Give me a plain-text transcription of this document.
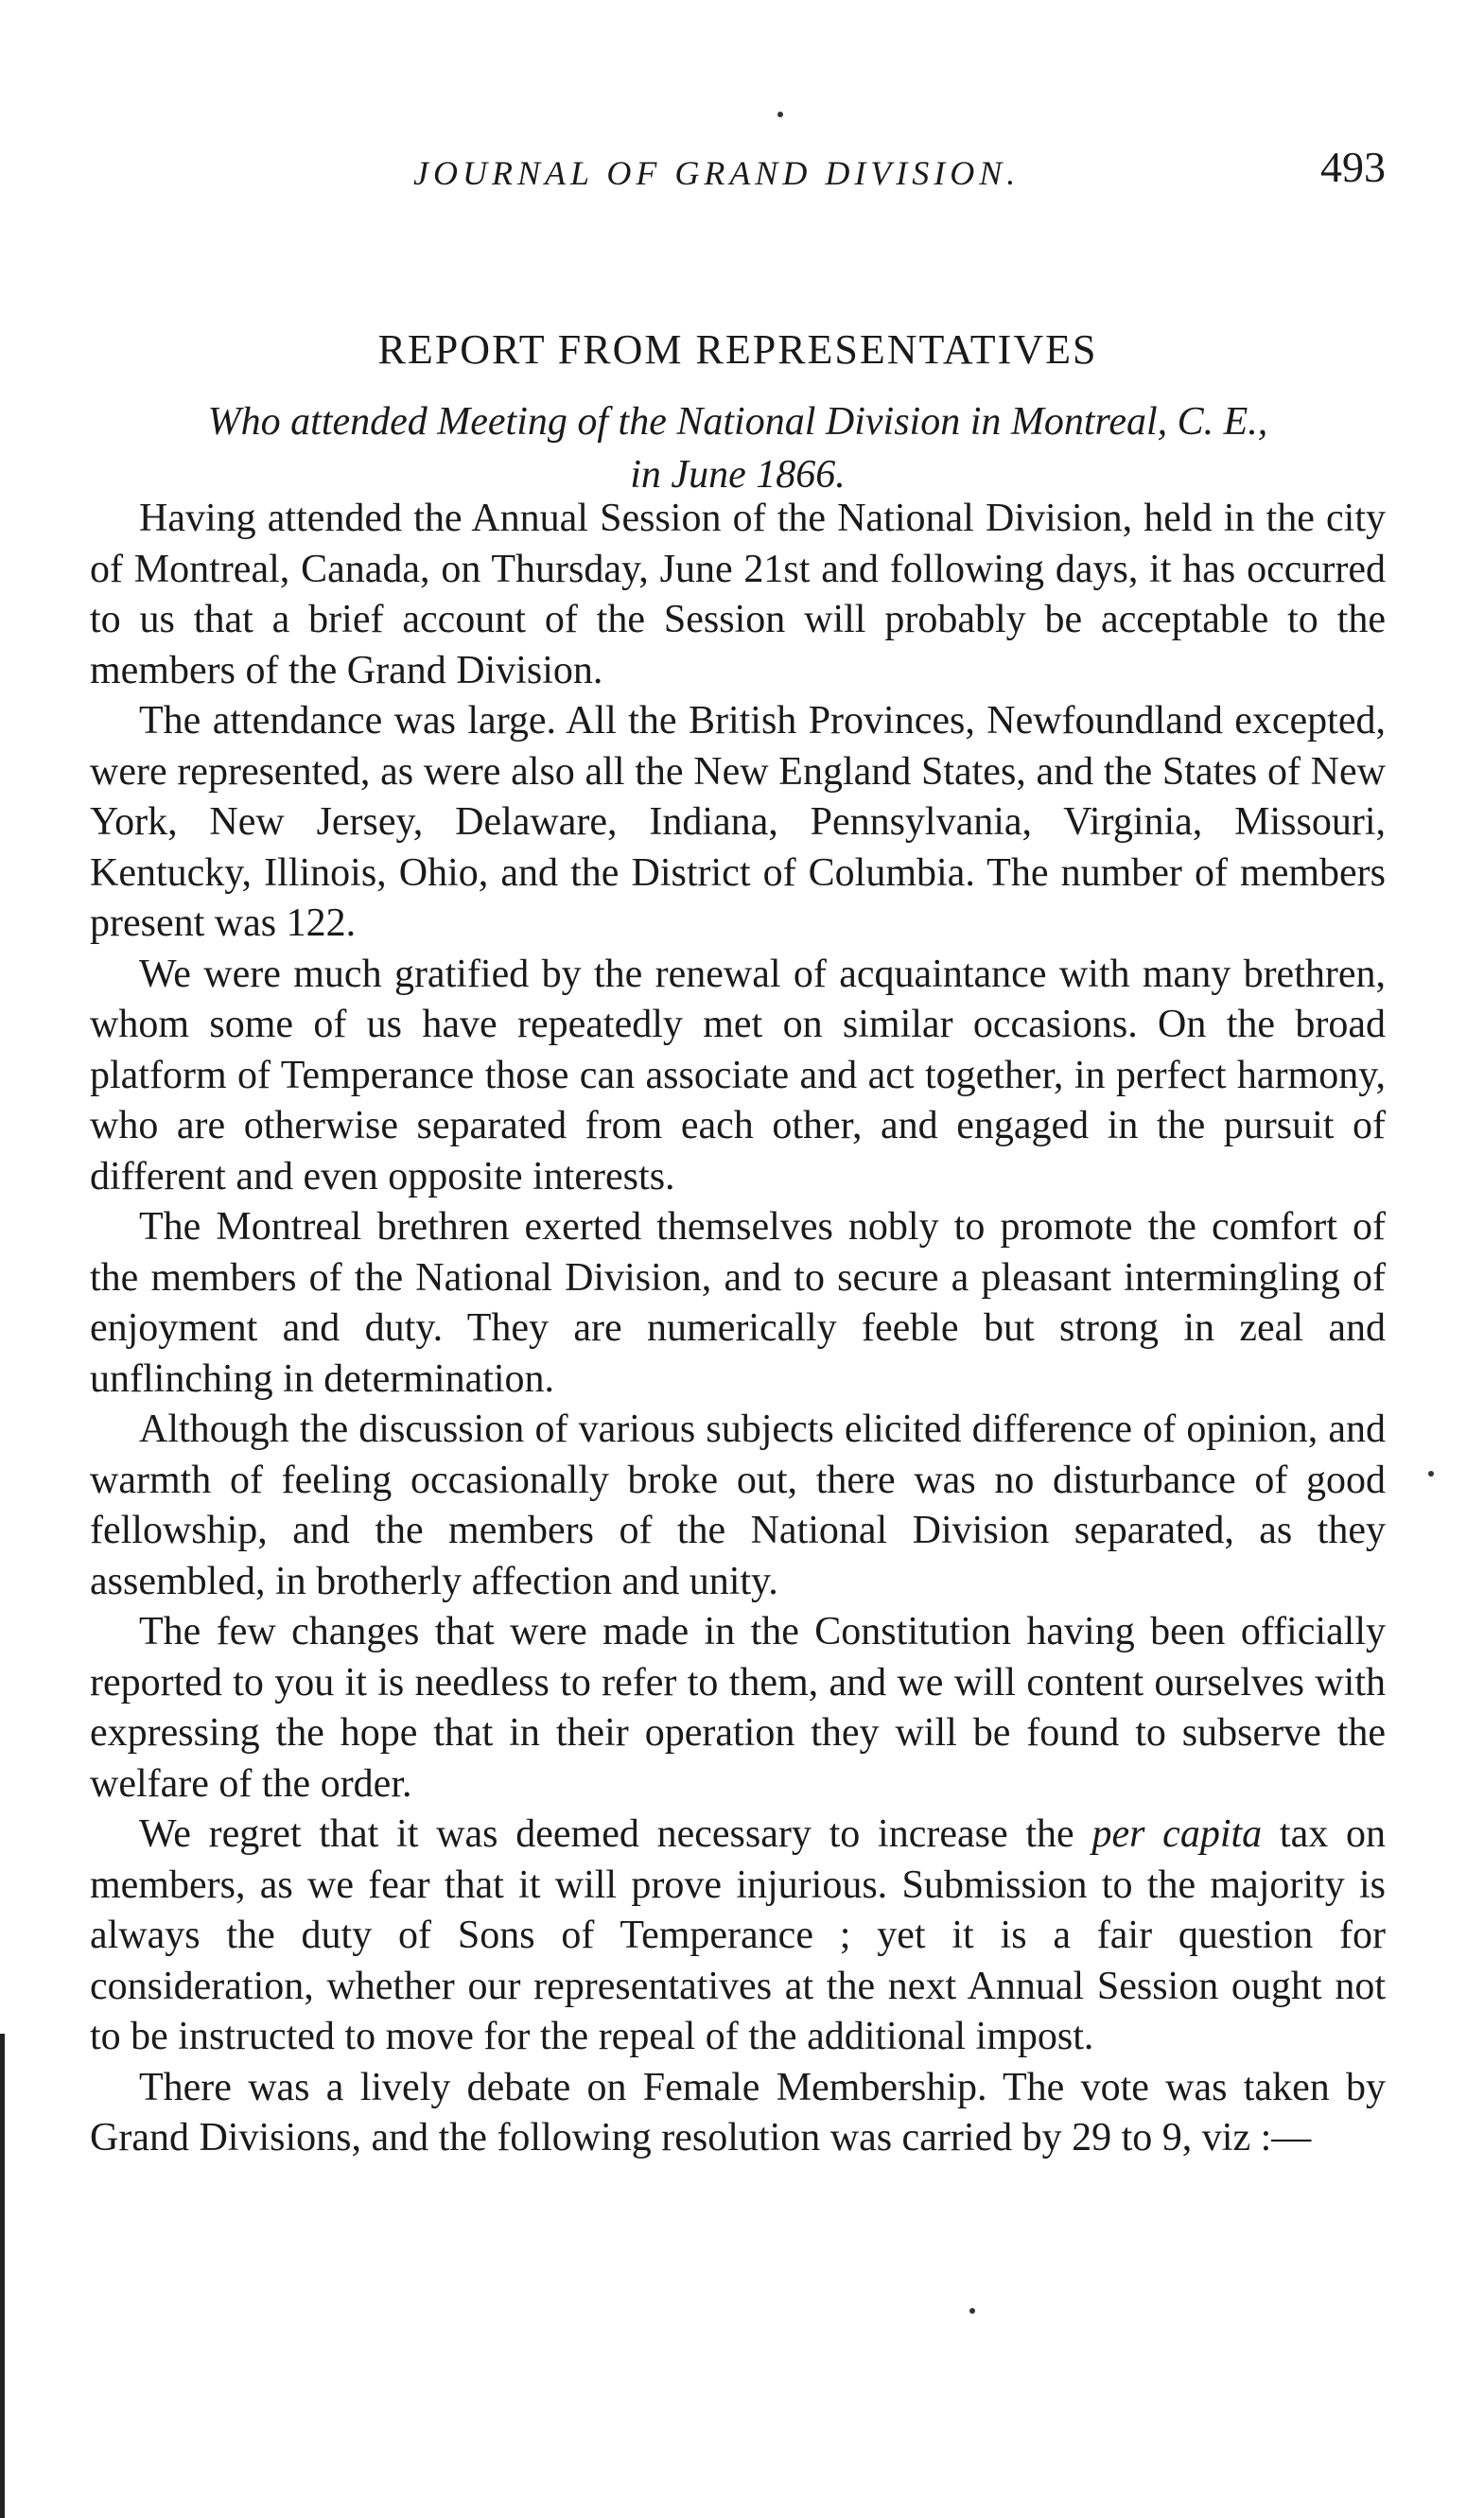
JOURNAL OF GRAND DIVISION.	493
REPORT FROM REPRESENTATIVES
Who attended Meeting of the National Division in Montreal, C. E.,
in June 1866.

Having attended the Annual Session of the National Division, held in the city of Montreal, Canada, on Thursday, June 21st and following days, it has occurred to us that a brief account of the Session will probably be acceptable to the members of the Grand Division.

The attendance was large. All the British Provinces, Newfoundland excepted, were represented, as were also all the New England States, and the States of New York, New Jersey, Delaware, Indiana, Pennsylvania, Virginia, Missouri, Kentucky, Illinois, Ohio, and the District of Columbia. The number of members present was 122.

We were much gratified by the renewal of acquaintance with many brethren, whom some of us have repeatedly met on similar occasions. On the broad platform of Temperance those can associate and act together, in perfect harmony, who are otherwise separated from each other, and engaged in the pursuit of different and even opposite interests.

The Montreal brethren exerted themselves nobly to promote the comfort of the members of the National Division, and to secure a pleasant intermingling of enjoyment and duty. They are numerically feeble but strong in zeal and unflinching in determination.

Although the discussion of various subjects elicited difference of opinion, and warmth of feeling occasionally broke out, there was no disturbance of good fellowship, and the members of the National Division separated, as they assembled, in brotherly affection and unity.

The few changes that were made in the Constitution having been officially reported to you it is needless to refer to them, and we will content ourselves with expressing the hope that in their operation they will be found to subserve the welfare of the order.

We regret that it was deemed necessary to increase the per capita tax on members, as we fear that it will prove injurious. Submission to the majority is always the duty of Sons of Temperance ; yet it is a fair question for consideration, whether our representatives at the next Annual Session ought not to be instructed to move for the repeal of the additional impost.

There was a lively debate on Female Membership. The vote was taken by Grand Divisions, and the following resolution was carried by 29 to 9, viz :—
